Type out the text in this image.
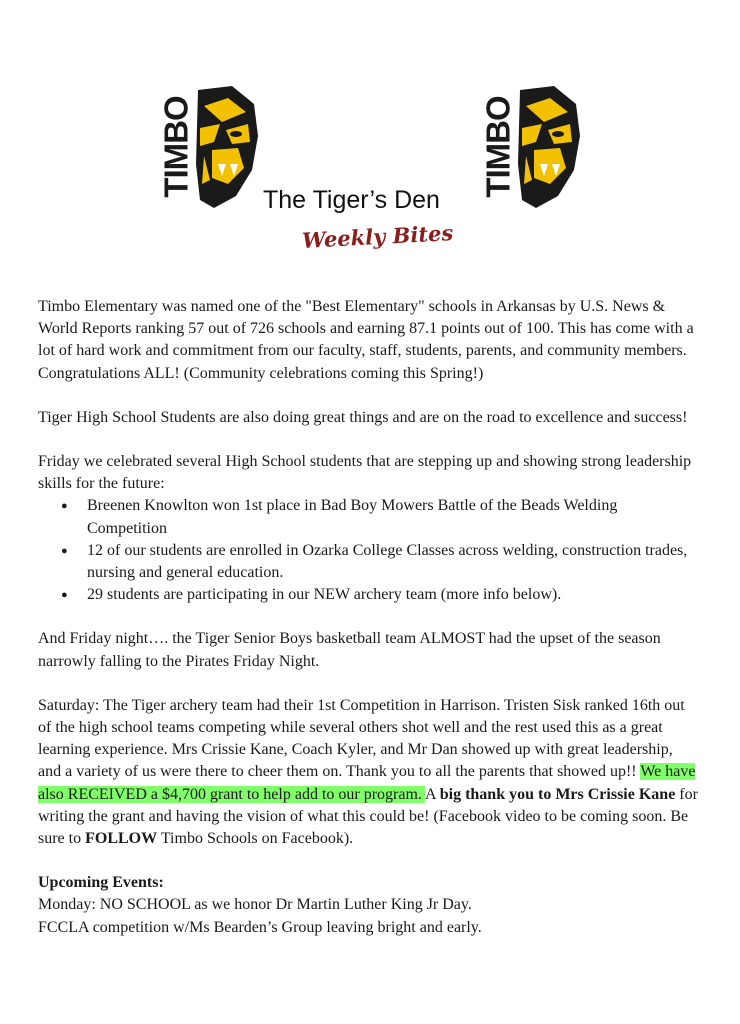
TIMBO	TIMBO
The Tiger’s Den
Weekly Bites

Timbo Elementary was named one of the "Best Elementary" schools in Arkansas by U.S. News & World Reports ranking 57 out of 726 schools and earning 87.1 points out of 100. This has come with a lot of hard work and commitment from our faculty, staff, students, parents, and community members. Congratulations ALL! (Community celebrations coming this Spring!)

Tiger High School Students are also doing great things and are on the road to excellence and success!

Friday we celebrated several High School students that are stepping up and showing strong leadership skills for the future:

● Breenen Knowlton won 1st place in Bad Boy Mowers Battle of the Beads Welding Competition
● 12 of our students are enrolled in Ozarka College Classes across welding, construction trades, nursing and general education.
● 29 students are participating in our NEW archery team (more info below).

And Friday night…. the Tiger Senior Boys basketball team ALMOST had the upset of the season narrowly falling to the Pirates Friday Night.

Saturday: The Tiger archery team had their 1st Competition in Harrison. Tristen Sisk ranked 16th out of the high school teams competing while several others shot well and the rest used this as a great learning experience. Mrs Crissie Kane, Coach Kyler, and Mr Dan showed up with great leadership, and a variety of us were there to cheer them on. Thank you to all the parents that showed up!! We have also RECEIVED a $4,700 grant to help add to our program. A big thank you to Mrs Crissie Kane for writing the grant and having the vision of what this could be! (Facebook video to be coming soon. Be sure to FOLLOW Timbo Schools on Facebook).

Upcoming Events:

Monday: NO SCHOOL as we honor Dr Martin Luther King Jr Day.

FCCLA competition w/Ms Bearden’s Group leaving bright and early.
